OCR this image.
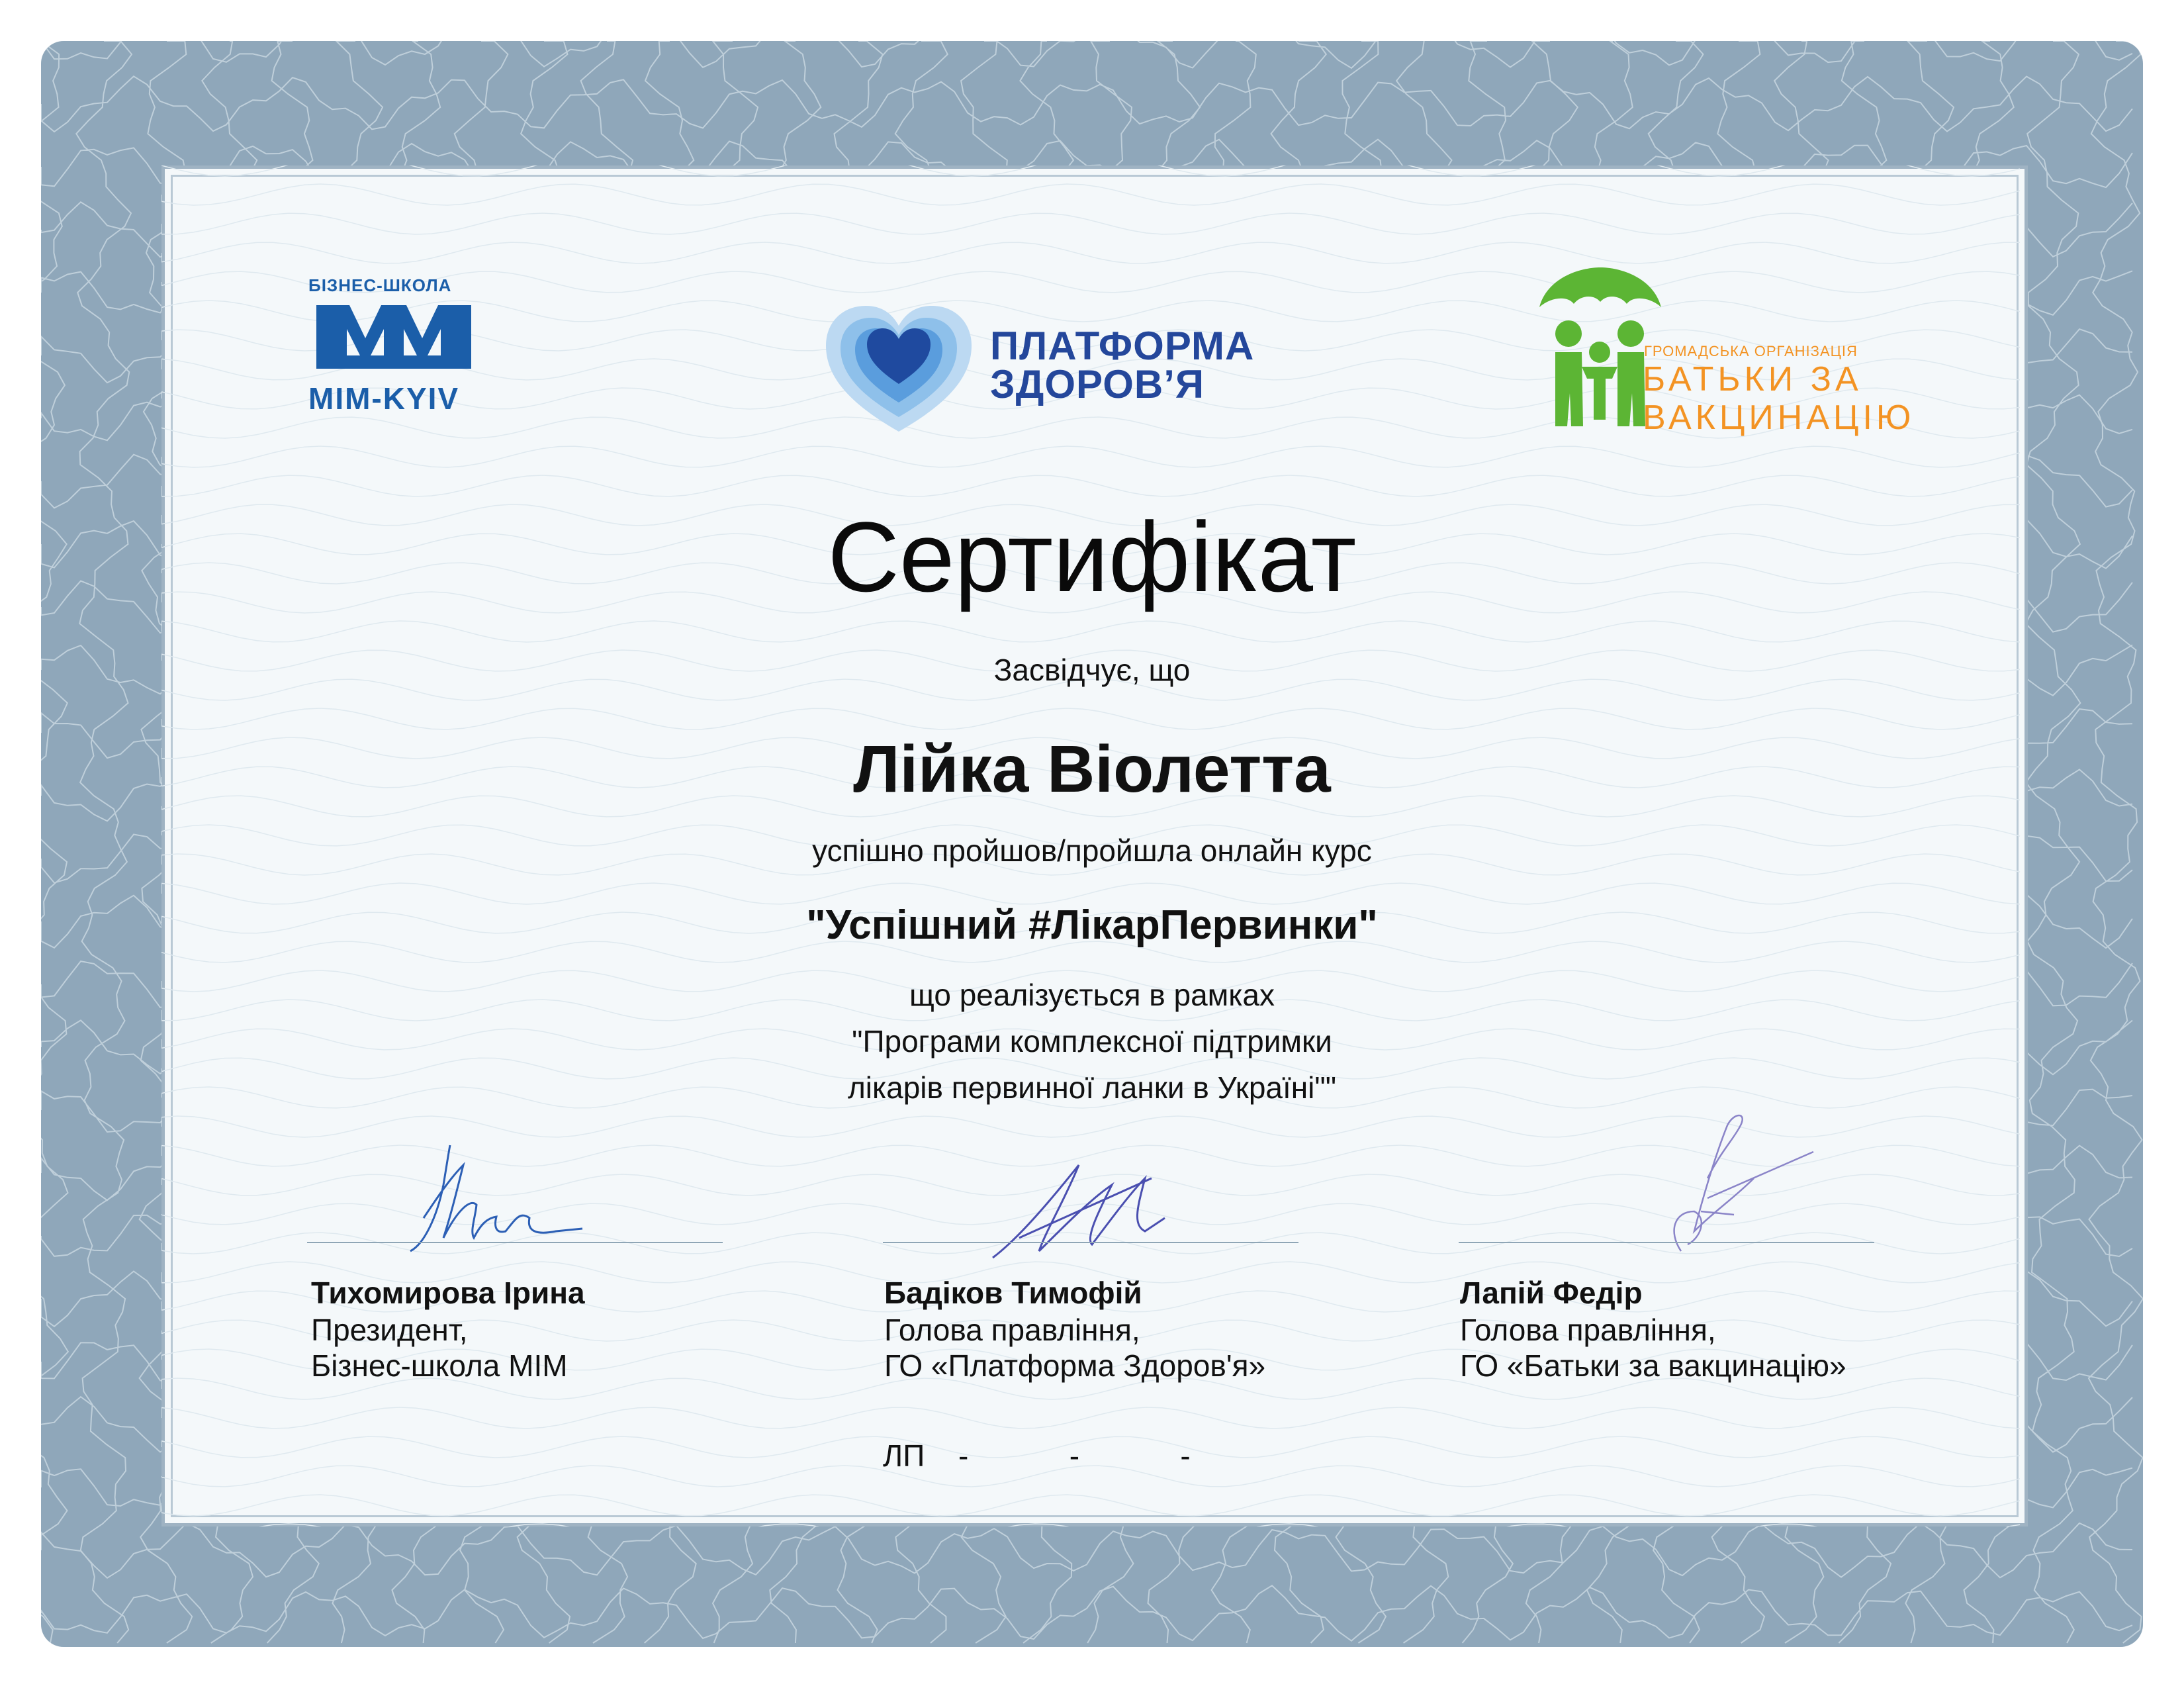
БІЗНЕС-ШКОЛА
MIM-KYIV
ПЛАТФОРМА
ЗДОРОВ’Я
ГРОМАДСЬКА ОРГАНІЗАЦІЯ
БАТЬКИ ЗА
ВАКЦИНАЦІЮ
Сертифікат
Засвідчує, що
Лійка Віолетта
успішно пройшов/пройшла онлайн курс
"Успішний #ЛікарПервинки"
що реалізується в рамках
"Програми комплексної підтримки
лікарів первинної ланки в Україні""
Тихомирова Ірина
Президент,
Бізнес-школа МІМ
Бадіков Тимофій
Голова правління,
ГО «Платформа Здоров'я»
Лапій Федір
Голова правління,
ГО «Батьки за вакцинацію»
ЛП -   -   -
